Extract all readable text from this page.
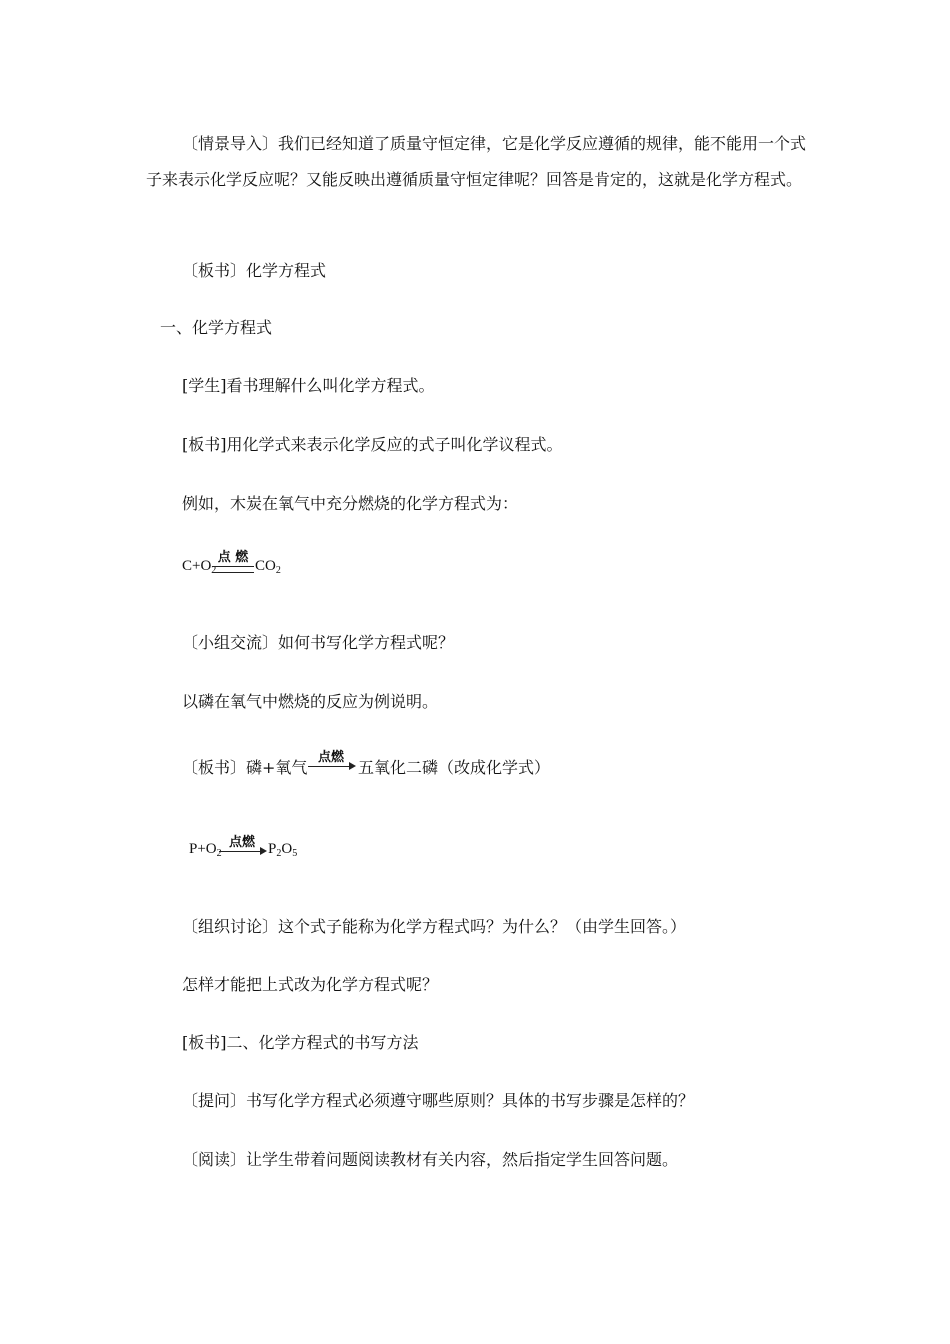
〔情景导入〕我们已经知道了质量守恒定律，它是化学反应遵循的规律，能不能用一个式子来表示化学反应呢？又能反映出遵循质量守恒定律呢？回答是肯定的，这就是化学方程式。
〔板书〕化学方程式
一、化学方程式
[学生]看书理解什么叫化学方程式。
[板书]用化学式来表示化学反应的式子叫化学议程式。
例如，木炭在氧气中充分燃烧的化学方程式为：
$C+O_2$
点 燃
$CO_2$
〔小组交流〕如何书写化学方程式呢？
以磷在氧气中燃烧的反应为例说明。
〔板书〕磷+氧气
点燃
五氧化二磷（改成化学式）
$P+O_2$
点燃 $P_2O_5$
〔组织讨论〕这个式子能称为化学方程式吗？为什么？（由学生回答。）
怎样才能把上式改为化学方程式呢？
[板书]二、化学方程式的书写方法
〔提问〕书写化学方程式必须遵守哪些原则？具体的书写步骤是怎样的？
〔阅读〕让学生带着问题阅读教材有关内容，然后指定学生回答问题。
